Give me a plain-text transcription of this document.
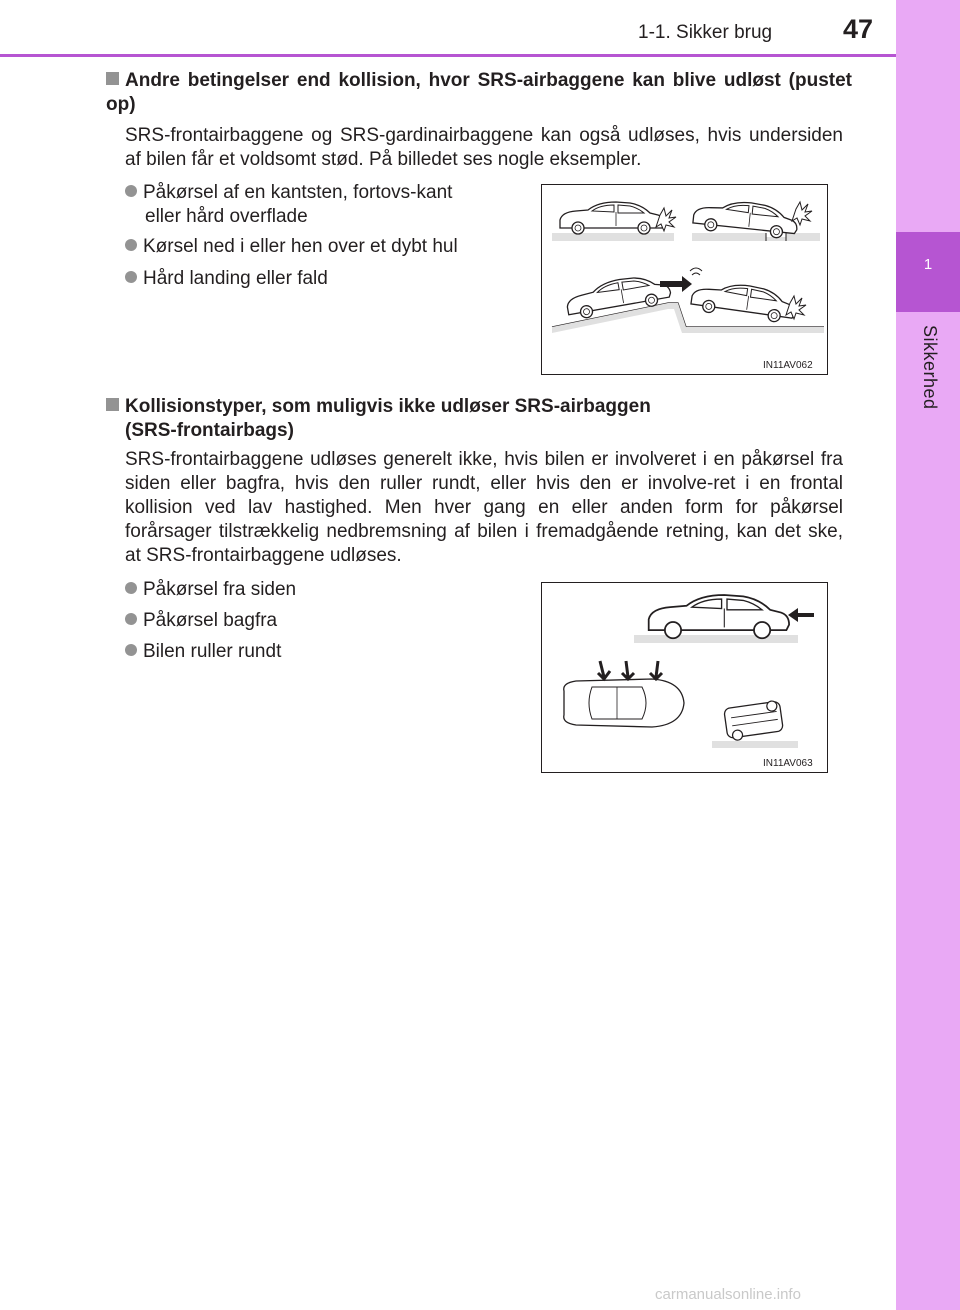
1-1. Sikker brug	47
1
Sikkerhed
Andre betingelser end kollision, hvor SRS-airbaggene kan blive udløst (pustet op)
SRS-frontairbaggene og SRS-gardinairbaggene kan også udløses, hvis undersiden af bilen får et voldsomt stød. På billedet ses nogle eksempler.
Påkørsel af en kantsten, fortovs-kant
eller hård overflade
Kørsel ned i eller hen over et dybt hul
Hård landing eller fald
IN11AV062
Kollisionstyper, som muligvis ikke udløser SRS-airbaggen
(SRS-frontairbags)
SRS-frontairbaggene udløses generelt ikke, hvis bilen er involveret i en påkørsel fra siden eller bagfra, hvis den ruller rundt, eller hvis den er involve-ret i en frontal kollision ved lav hastighed. Men hver gang en eller anden form for påkørsel forårsager tilstrækkelig nedbremsning af bilen i fremadgående retning, kan det ske, at SRS-frontairbaggene udløses.
Påkørsel fra siden
Påkørsel bagfra
Bilen ruller rundt
IN11AV063
carmanualsonline.info
